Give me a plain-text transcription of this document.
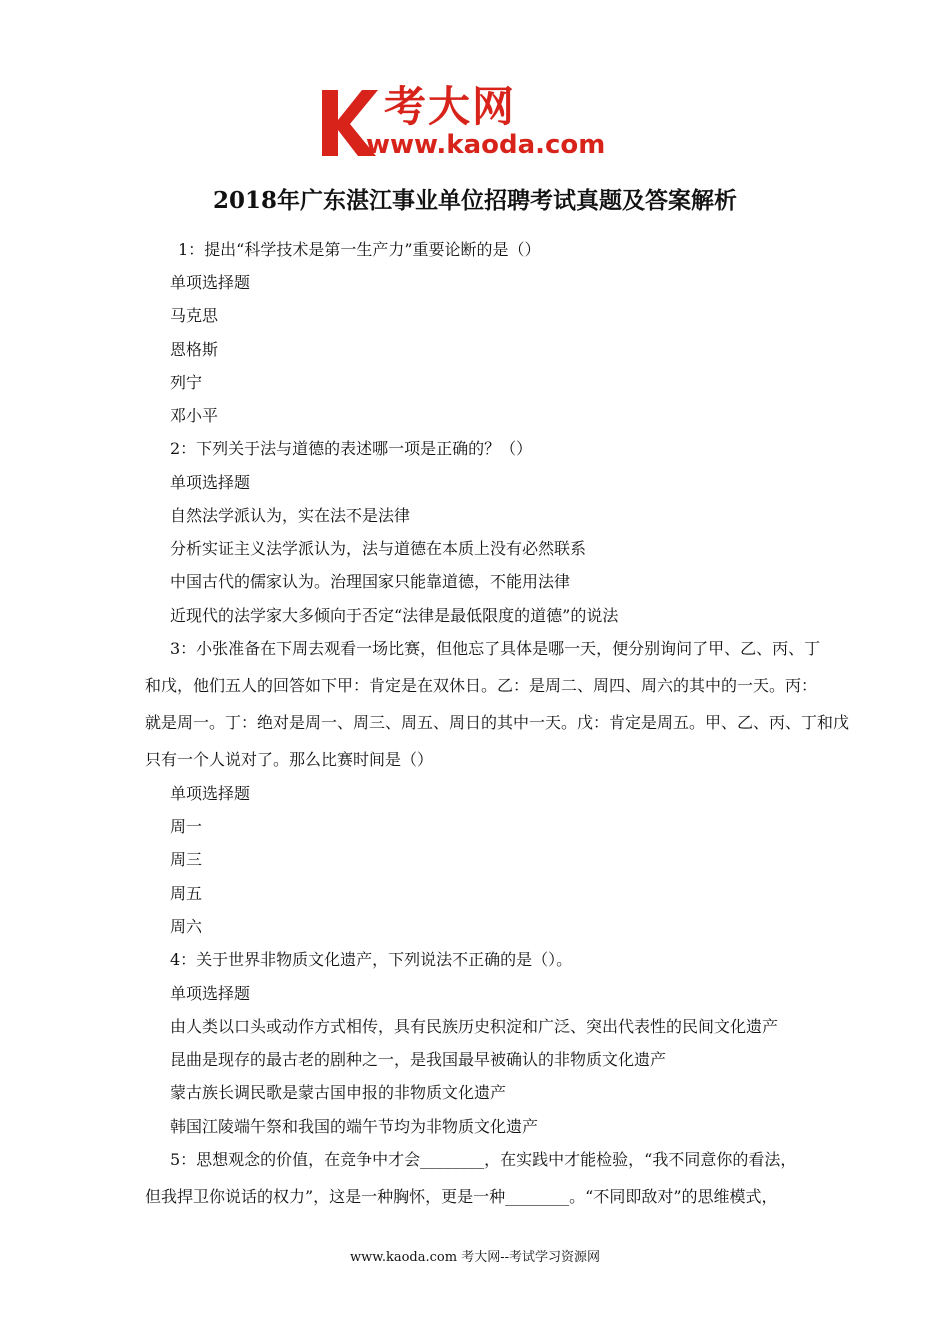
考大网
www.kaoda.com
2018年广东湛江事业单位招聘考试真题及答案解析
1：提出“科学技术是第一生产力”重要论断的是（）
单项选择题
马克思
恩格斯
列宁
邓小平
2：下列关于法与道德的表述哪一项是正确的？（）
单项选择题
自然法学派认为，实在法不是法律
分析实证主义法学派认为，法与道德在本质上没有必然联系
中国古代的儒家认为。治理国家只能靠道德，不能用法律
近现代的法学家大多倾向于否定“法律是最低限度的道德”的说法
3：小张准备在下周去观看一场比赛，但他忘了具体是哪一天，便分别询问了甲、乙、丙、丁
和戊，他们五人的回答如下甲：肯定是在双休日。乙：是周二、周四、周六的其中的一天。丙：
就是周一。丁：绝对是周一、周三、周五、周日的其中一天。戊：肯定是周五。甲、乙、丙、丁和戊
只有一个人说对了。那么比赛时间是（）
单项选择题
周一
周三
周五
周六
4：关于世界非物质文化遗产，下列说法不正确的是（）。
单项选择题
由人类以口头或动作方式相传，具有民族历史积淀和广泛、突出代表性的民间文化遗产
昆曲是现存的最古老的剧种之一，是我国最早被确认的非物质文化遗产
蒙古族长调民歌是蒙古国申报的非物质文化遗产
韩国江陵端午祭和我国的端午节均为非物质文化遗产
5：思想观念的价值，在竞争中才会________，在实践中才能检验，“我不同意你的看法，
但我捍卫你说话的权力”，这是一种胸怀，更是一种________。“不同即敌对”的思维模式，
www.kaoda.com 考大网--考试学习资源网
